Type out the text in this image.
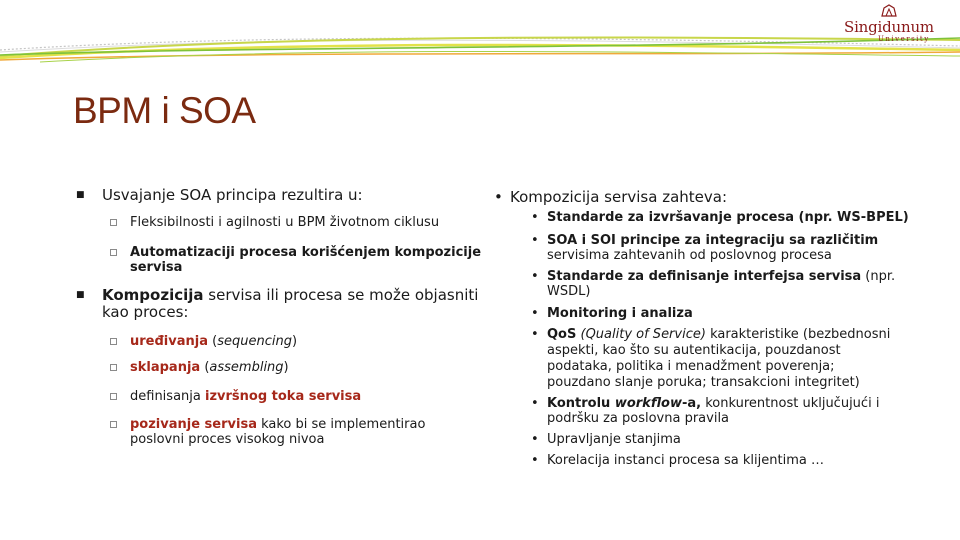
Singidunum
University
BPM i SOA
■ Usvajanje SOA principa rezultira u:
Fleksibilnosti i agilnosti u BPM životnom ciklusu
Automatizaciji procesa korišćenjem kompozicije
servisa
■ Kompozicija servisa ili procesa se može objasniti
kao proces:
uređivanja (sequencing)
sklapanja (assembling)
definisanja izvršnog toka servisa
pozivanje servisa kako bi se implementirao
poslovni proces visokog nivoa
• Kompozicija servisa zahteva:
• Standarde za izvršavanje procesa (npr. WS-BPEL)
• SOA i SOI principe za integraciju sa različitim
servisima zahtevanih od poslovnog procesa
• Standarde za definisanje interfejsa servisa (npr.
WSDL)
• Monitoring i analiza
• QoS (Quality of Service) karakteristike (bezbednosni
aspekti, kao što su autentikacija, pouzdanost
podataka, politika i menadžment poverenja;
pouzdano slanje poruka; transakcioni integritet)
• Kontrolu workflow-a, konkurentnost uključujući i
podršku za poslovna pravila
• Upravljanje stanjima
• Korelacija instanci procesa sa klijentima …
